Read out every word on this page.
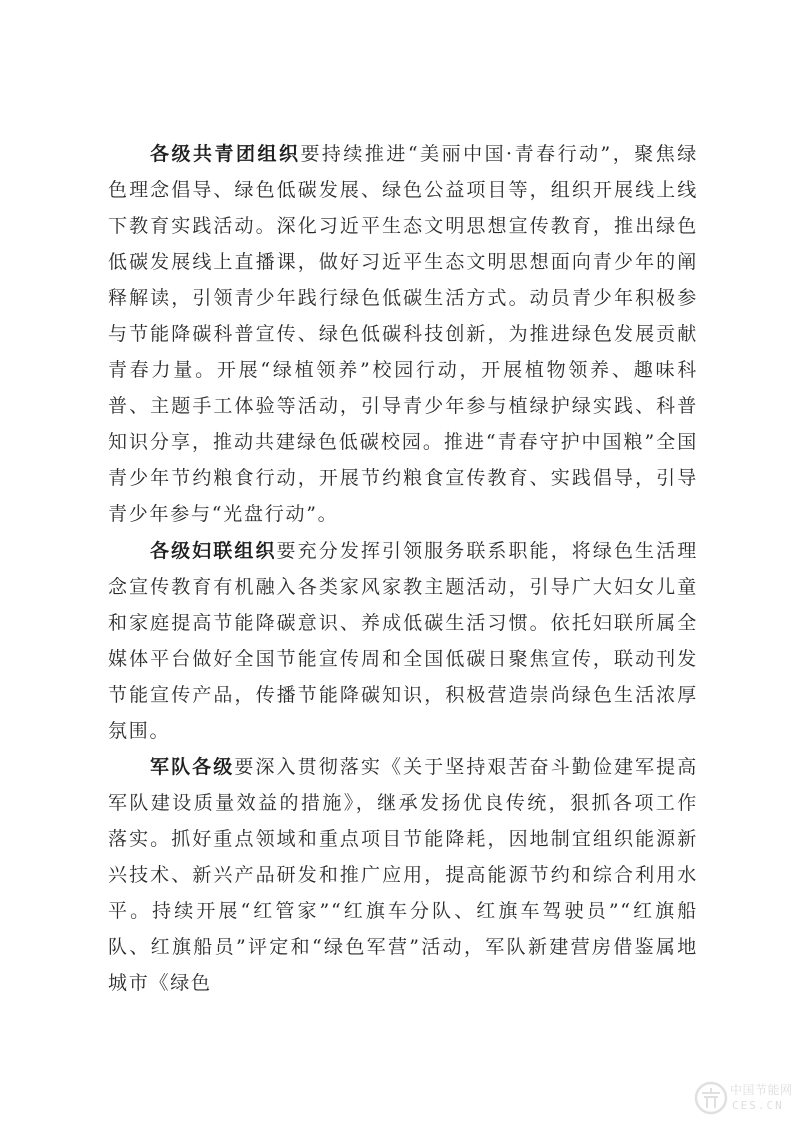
各级共青团组织要持续推进“美丽中国·青春行动”，聚焦绿色理念倡导、绿色低碳发展、绿色公益项目等，组织开展线上线下教育实践活动。深化习近平生态文明思想宣传教育，推出绿色低碳发展线上直播课，做好习近平生态文明思想面向青少年的阐释解读，引领青少年践行绿色低碳生活方式。动员青少年积极参与节能降碳科普宣传、绿色低碳科技创新，为推进绿色发展贡献青春力量。开展“绿植领养”校园行动，开展植物领养、趣味科普、主题手工体验等活动，引导青少年参与植绿护绿实践、科普知识分享，推动共建绿色低碳校园。推进“青春守护中国粮”全国青少年节约粮食行动，开展节约粮食宣传教育、实践倡导，引导青少年参与“光盘行动”。

各级妇联组织要充分发挥引领服务联系职能，将绿色生活理念宣传教育有机融入各类家风家教主题活动，引导广大妇女儿童和家庭提高节能降碳意识、养成低碳生活习惯。依托妇联所属全媒体平台做好全国节能宣传周和全国低碳日聚焦宣传，联动刊发节能宣传产品，传播节能降碳知识，积极营造崇尚绿色生活浓厚氛围。

军队各级要深入贯彻落实《关于坚持艰苦奋斗勤俭建军提高军队建设质量效益的措施》，继承发扬优良传统，狠抓各项工作落实。抓好重点领域和重点项目节能降耗，因地制宜组织能源新兴技术、新兴产品研发和推广应用，提高能源节约和综合利用水平。持续开展“红管家”“红旗车分队、红旗车驾驶员”“红旗船队、红旗船员”评定和“绿色军营”活动，军队新建营房借鉴属地城市《绿色

中国节能网
CES.CN
